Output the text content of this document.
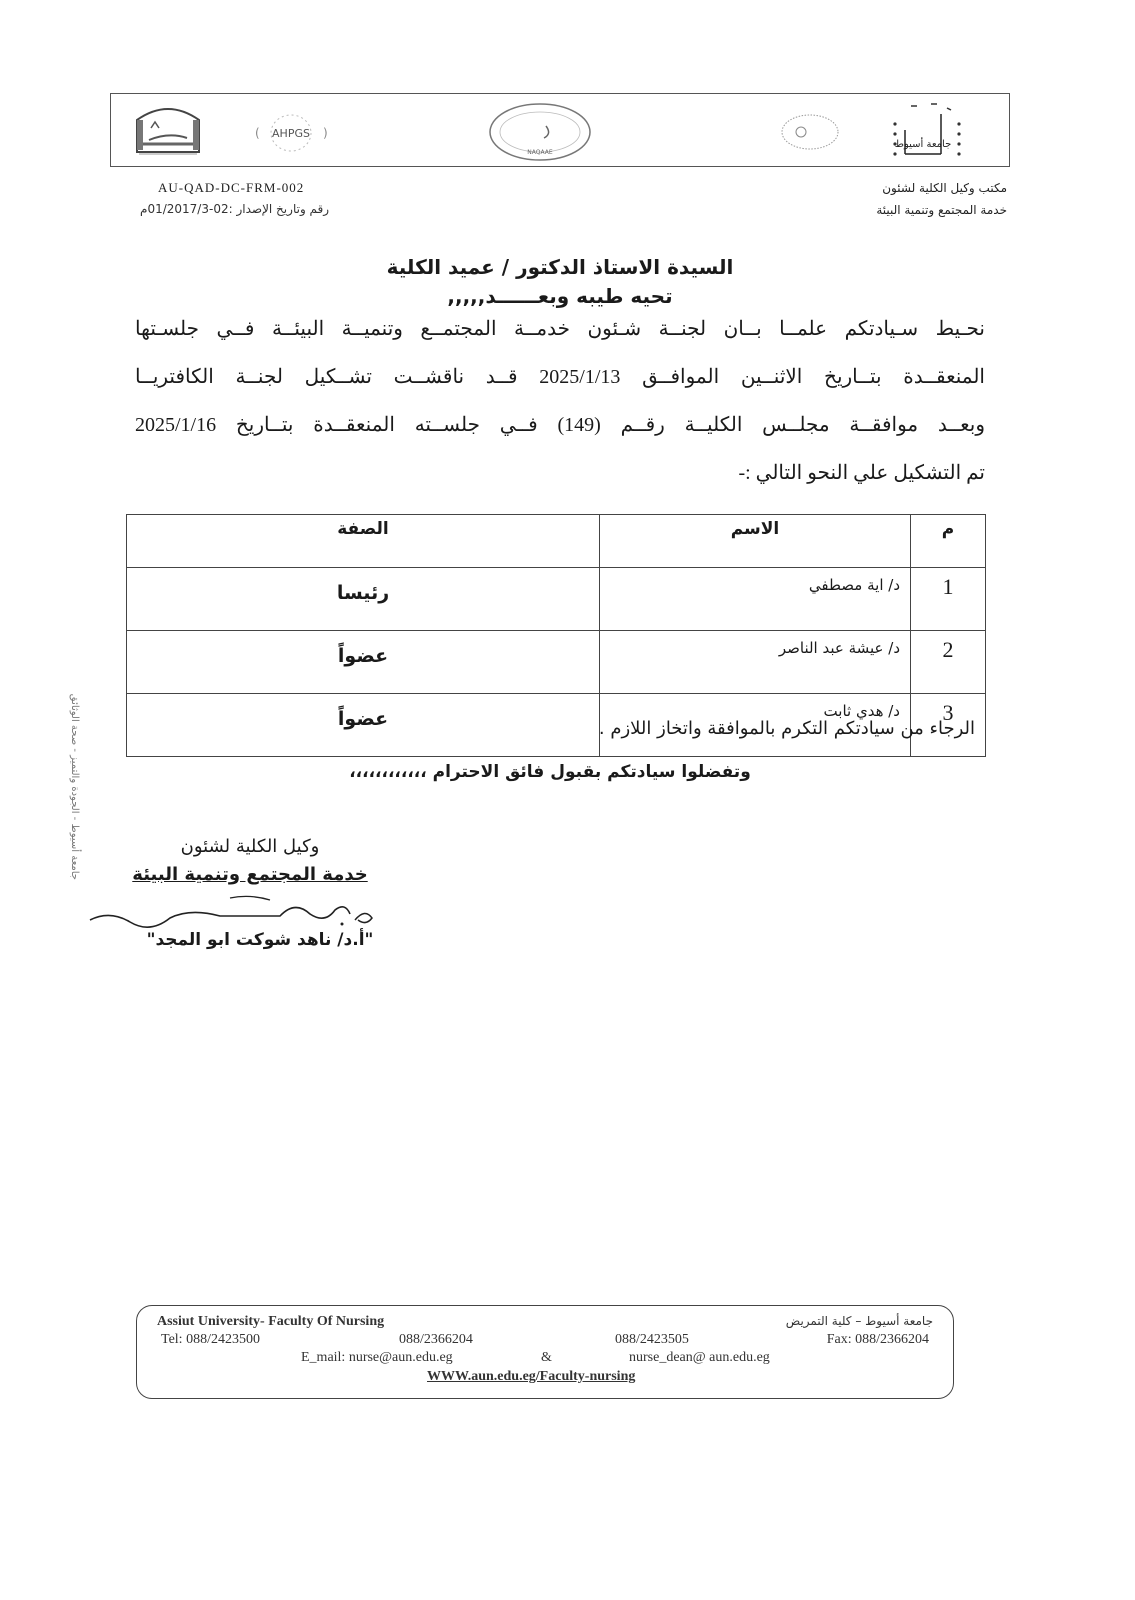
AHPGS
(	)
NAQAAE
جامعة أسيوط
AU-QAD-DC-FRM-002
رقم وتاريخ الإصدار :02-01/2017/3م
مكتب وكيل الكلية لشئون
خدمة المجتمع وتنمية البيئة
السيدة الاستاذ الدكتور / عميد الكلية
تحيه طيبه وبعــــــد,,,,,
نحـيط سـيادتكم علمــا بــان لجنــة شـئون خدمــة المجتمــع وتنميــة البيئــة فــي جلسـتها
المنعقــدة بتــاريخ الاثنــين الموافــق 2025/1/13 قــد ناقشــت تشــكيل لجنــة الكافتريــا
وبعــد موافقــة مجلــس الكليــة رقــم (149) فــي جلســته المنعقــدة بتــاريخ 2025/1/16
تم التشكيل علي النحو التالي :-
م	الاسم	الصفة
1	د/ اية مصطفي	رئيسا
2	د/ عيشة عبد الناصر	عضواً
3	د/ هدي ثابت	عضواً	الرجاء من سيادتكم التكرم بالموافقة واتخاز اللازم .
وتفضلوا سيادتكم بقبول فائق الاحترام ،،،،،،،،،،،،
وكيل الكلية لشئون
خدمة المجتمع وتنمية البيئة
"أ.د/ ناهد شوكت ابو المجد"
جامعة أسيوط - الجودة والتميز - صحة الوثائق
Assiut University- Faculty Of Nursing	جامعة أسيوط – كلية التمريض
Tel: 088/2423500	088/2366204	088/2423505	Fax: 088/2366204
E_mail: nurse@aun.edu.eg	&	nurse_dean@ aun.edu.eg
WWW.aun.edu.eg/Faculty-nursing
